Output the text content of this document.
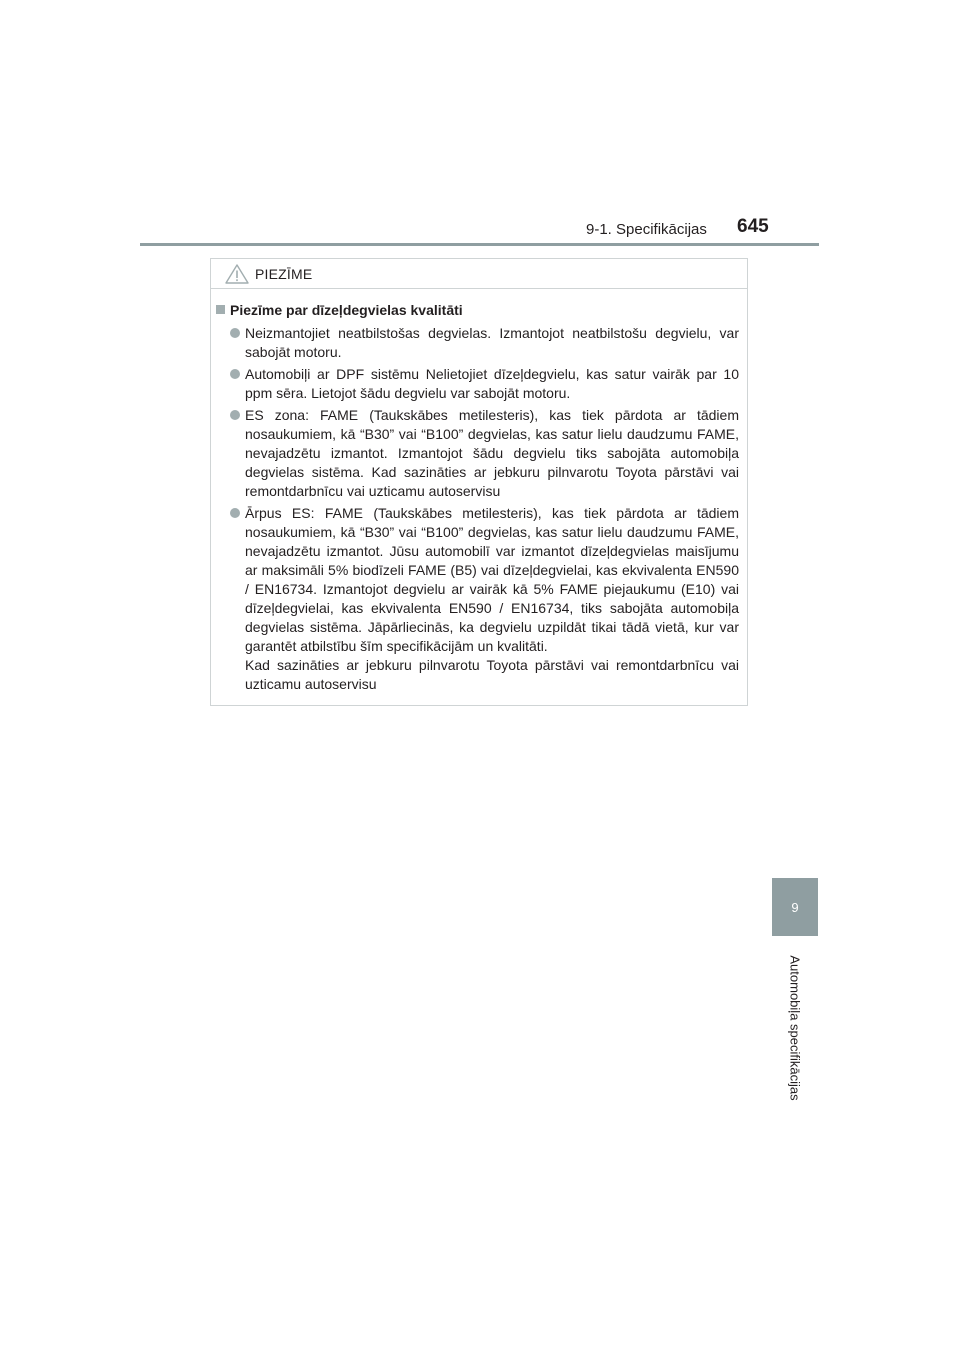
9-1. Specifikācijas 645
9
Automobiļa specifikācijas
PIEZĪME
Piezīme par dīzeļdegvielas kvalitāti

Neizmantojiet neatbilstošas degvielas. Izmantojot neatbilstošu degvielu, var sabojāt motoru.

Automobiļi ar DPF sistēmu Nelietojiet dīzeļdegvielu, kas satur vairāk par 10 ppm sēra. Lietojot šādu degvielu var sabojāt motoru.

ES zona: FAME (Taukskābes metilesteris), kas tiek pārdota ar tādiem nosaukumiem, kā “B30” vai “B100” degvielas, kas satur lielu daudzumu FAME, nevajadzētu izmantot. Izmantojot šādu degvielu tiks sabojāta automobiļa degvielas sistēma. Kad sazināties ar jebkuru pilnvarotu Toyota pārstāvi vai remontdarbnīcu vai uzticamu autoservisu

Ārpus ES: FAME (Taukskābes metilesteris), kas tiek pārdota ar tādiem nosaukumiem, kā “B30” vai “B100” degvielas, kas satur lielu daudzumu FAME, nevajadzētu izmantot. Jūsu automobilī var izmantot dīzeļdegvielas maisījumu ar maksimāli 5% biodīzeli FAME (B5) vai dīzeļdegvielai, kas ekvivalenta EN590 / EN16734. Izmantojot degvielu ar vairāk kā 5% FAME piejaukumu (E10) vai dīzeļdegvielai, kas ekvivalenta EN590 / EN16734, tiks sabojāta automobiļa degvielas sistēma. Jāpārliecinās, ka degvielu uzpildāt tikai tādā vietā, kur var garantēt atbilstību šīm specifikācijām un kvalitāti.
Kad sazināties ar jebkuru pilnvarotu Toyota pārstāvi vai remontdarbnīcu vai uzticamu autoservisu
